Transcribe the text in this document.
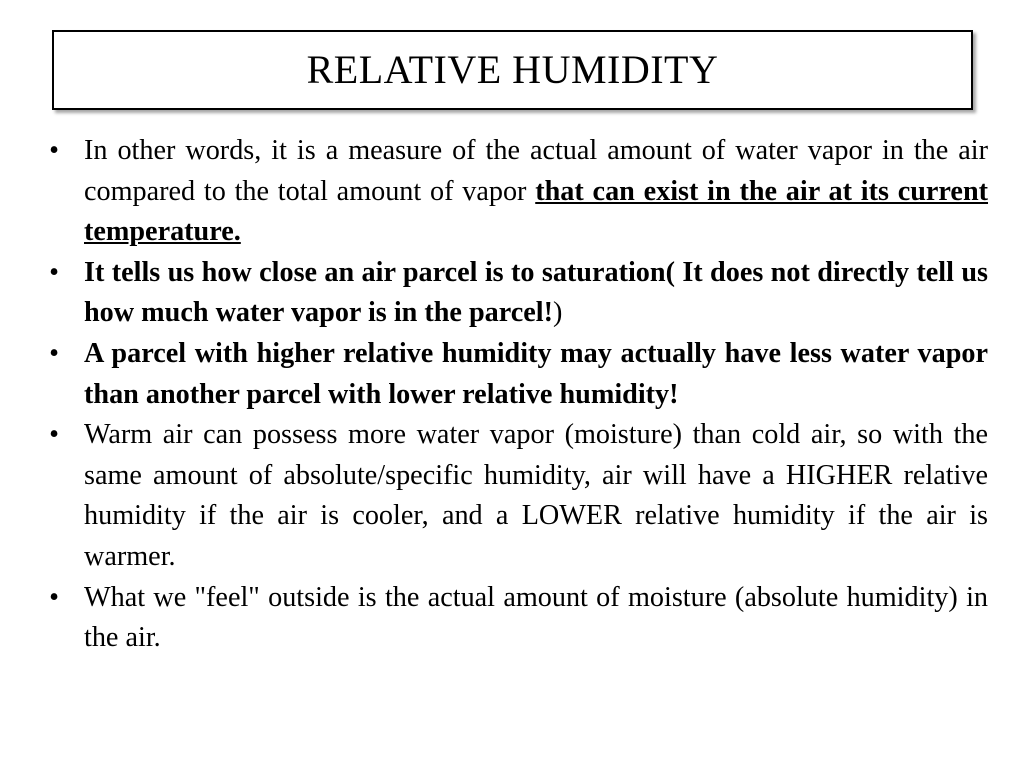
RELATIVE HUMIDITY
• In other words, it is a measure of the actual amount of water vapor in the air compared to the total amount of vapor that can exist in the air at its current temperature.
• It tells us how close an air parcel is to saturation( It does not directly tell us how much water vapor is in the parcel!)
• A parcel with higher relative humidity may actually have less water vapor than another parcel with lower relative humidity!
• Warm air can possess more water vapor (moisture) than cold air, so with the same amount of absolute/specific humidity, air will have a HIGHER relative humidity if the air is cooler, and a LOWER relative humidity if the air is warmer.
• What we "feel" outside is the actual amount of moisture (absolute humidity) in the air.
